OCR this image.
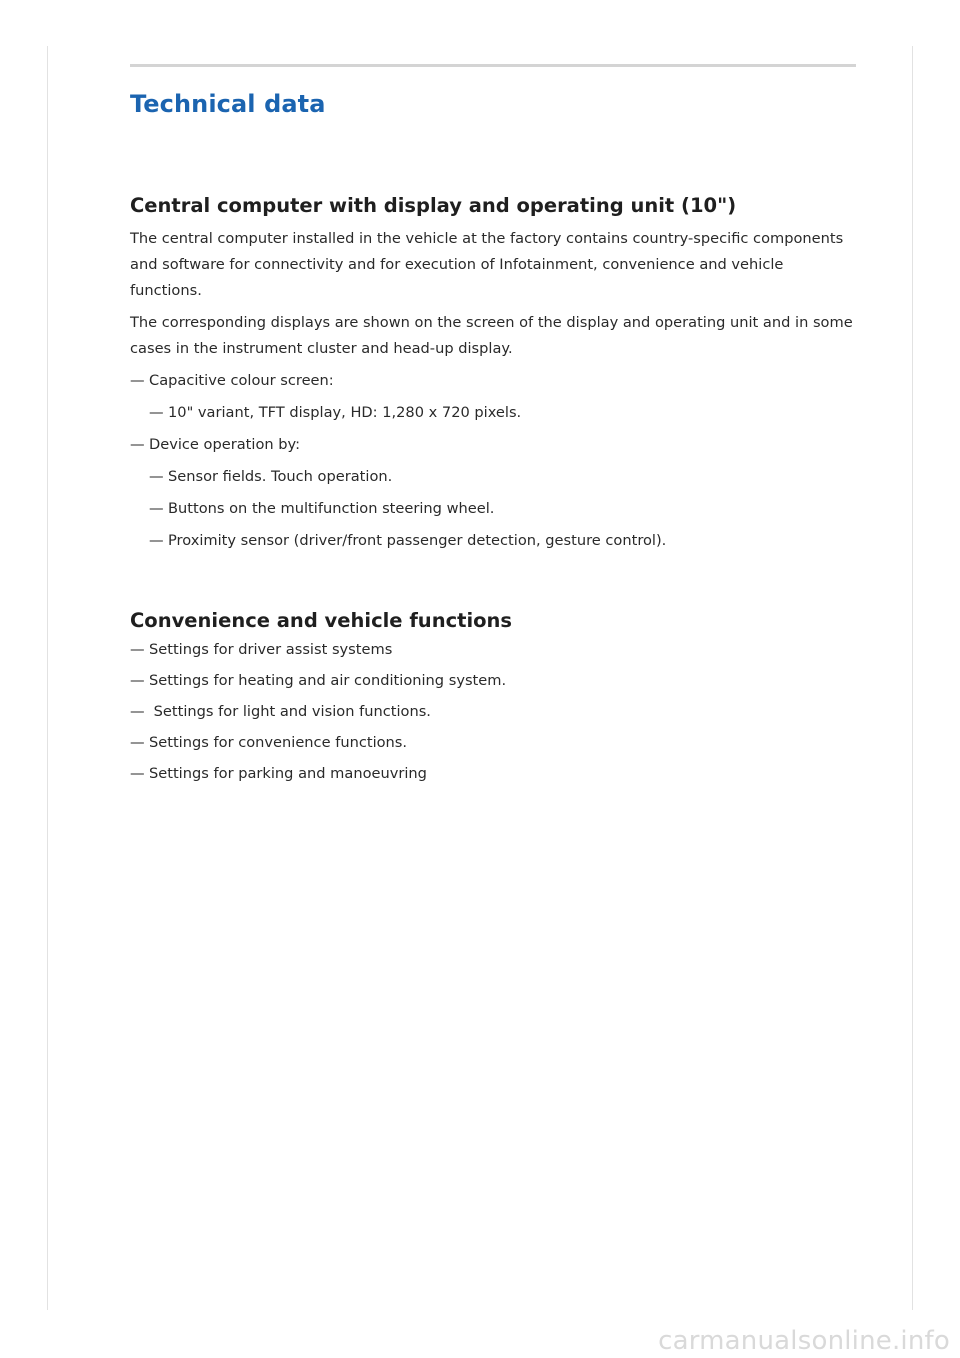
Technical data
Central computer with display and operating unit (10")

The central computer installed in the vehicle at the factory contains country-specific components and software for connectivity and for execution of Infotainment, convenience and vehicle functions.

The corresponding displays are shown on the screen of the display and operating unit and in some cases in the instrument cluster and head-up display.

— Capacitive colour screen:
— 10" variant, TFT display, HD: 1,280 x 720 pixels.
— Device operation by:
— Sensor fields. Touch operation.
— Buttons on the multifunction steering wheel.
— Proximity sensor (driver/front passenger detection, gesture control).
Convenience and vehicle functions
— Settings for driver assist systems
— Settings for heating and air conditioning system.
— Settings for light and vision functions.
— Settings for convenience functions.
— Settings for parking and manoeuvring
carmanualsonline.info
